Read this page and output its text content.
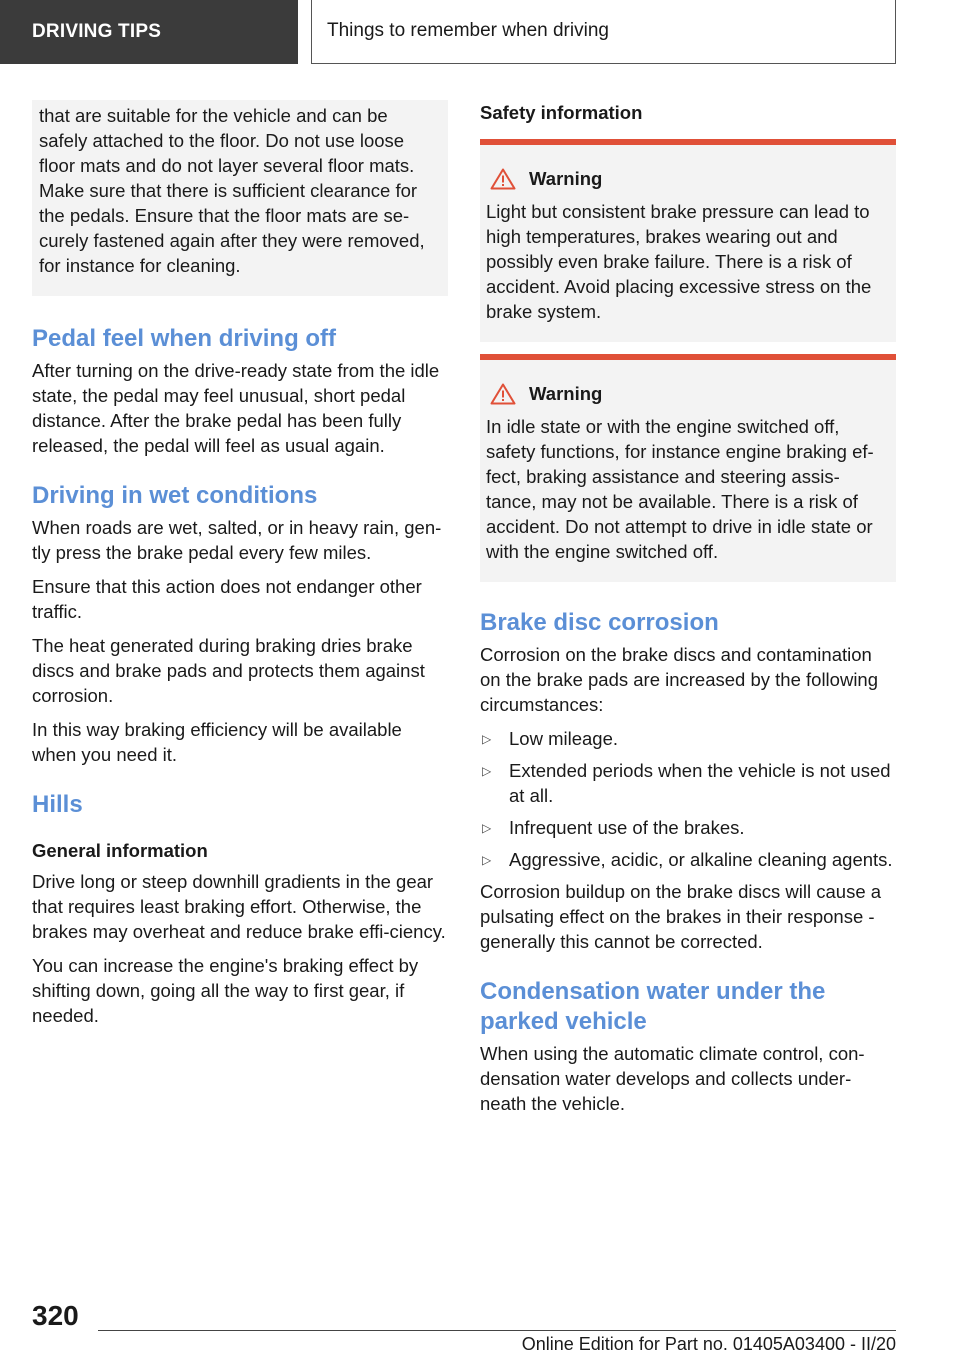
DRIVING TIPS	Things to remember when driving

that are suitable for the vehicle and can be safely attached to the floor. Do not use loose floor mats and do not layer several floor mats. Make sure that there is sufficient clearance for the pedals. Ensure that the floor mats are se‐curely fastened again after they were removed, for instance for cleaning.

Pedal feel when driving off

After turning on the drive-ready state from the idle state, the pedal may feel unusual, short pedal distance. After the brake pedal has been fully released, the pedal will feel as usual again.

Driving in wet conditions

When roads are wet, salted, or in heavy rain, gen‐tly press the brake pedal every few miles.

Ensure that this action does not endanger other traffic.

The heat generated during braking dries brake discs and brake pads and protects them against corrosion.

In this way braking efficiency will be available when you need it.

Hills
General information

Drive long or steep downhill gradients in the gear that requires least braking effort. Otherwise, the brakes may overheat and reduce brake effi‐ciency.

You can increase the engine's braking effect by shifting down, going all the way to first gear, if needed.

Safety information
Warning

Light but consistent brake pressure can lead to high temperatures, brakes wearing out and possibly even brake failure. There is a risk of accident. Avoid placing excessive stress on the brake system.

Warning

In idle state or with the engine switched off, safety functions, for instance engine braking ef‐fect, braking assistance and steering assis‐tance, may not be available. There is a risk of accident. Do not attempt to drive in idle state or with the engine switched off.

Brake disc corrosion

Corrosion on the brake discs and contamination on the brake pads are increased by the following circumstances:

▷ Low mileage.
▷ Extended periods when the vehicle is not used at all.
▷ Infrequent use of the brakes.
▷ Aggressive, acidic, or alkaline cleaning agents.

Corrosion buildup on the brake discs will cause a pulsating effect on the brakes in their response - generally this cannot be corrected.

Condensation water under the parked vehicle

When using the automatic climate control, con‐densation water develops and collects under‐neath the vehicle.

320
Online Edition for Part no. 01405A03400 - II/20
